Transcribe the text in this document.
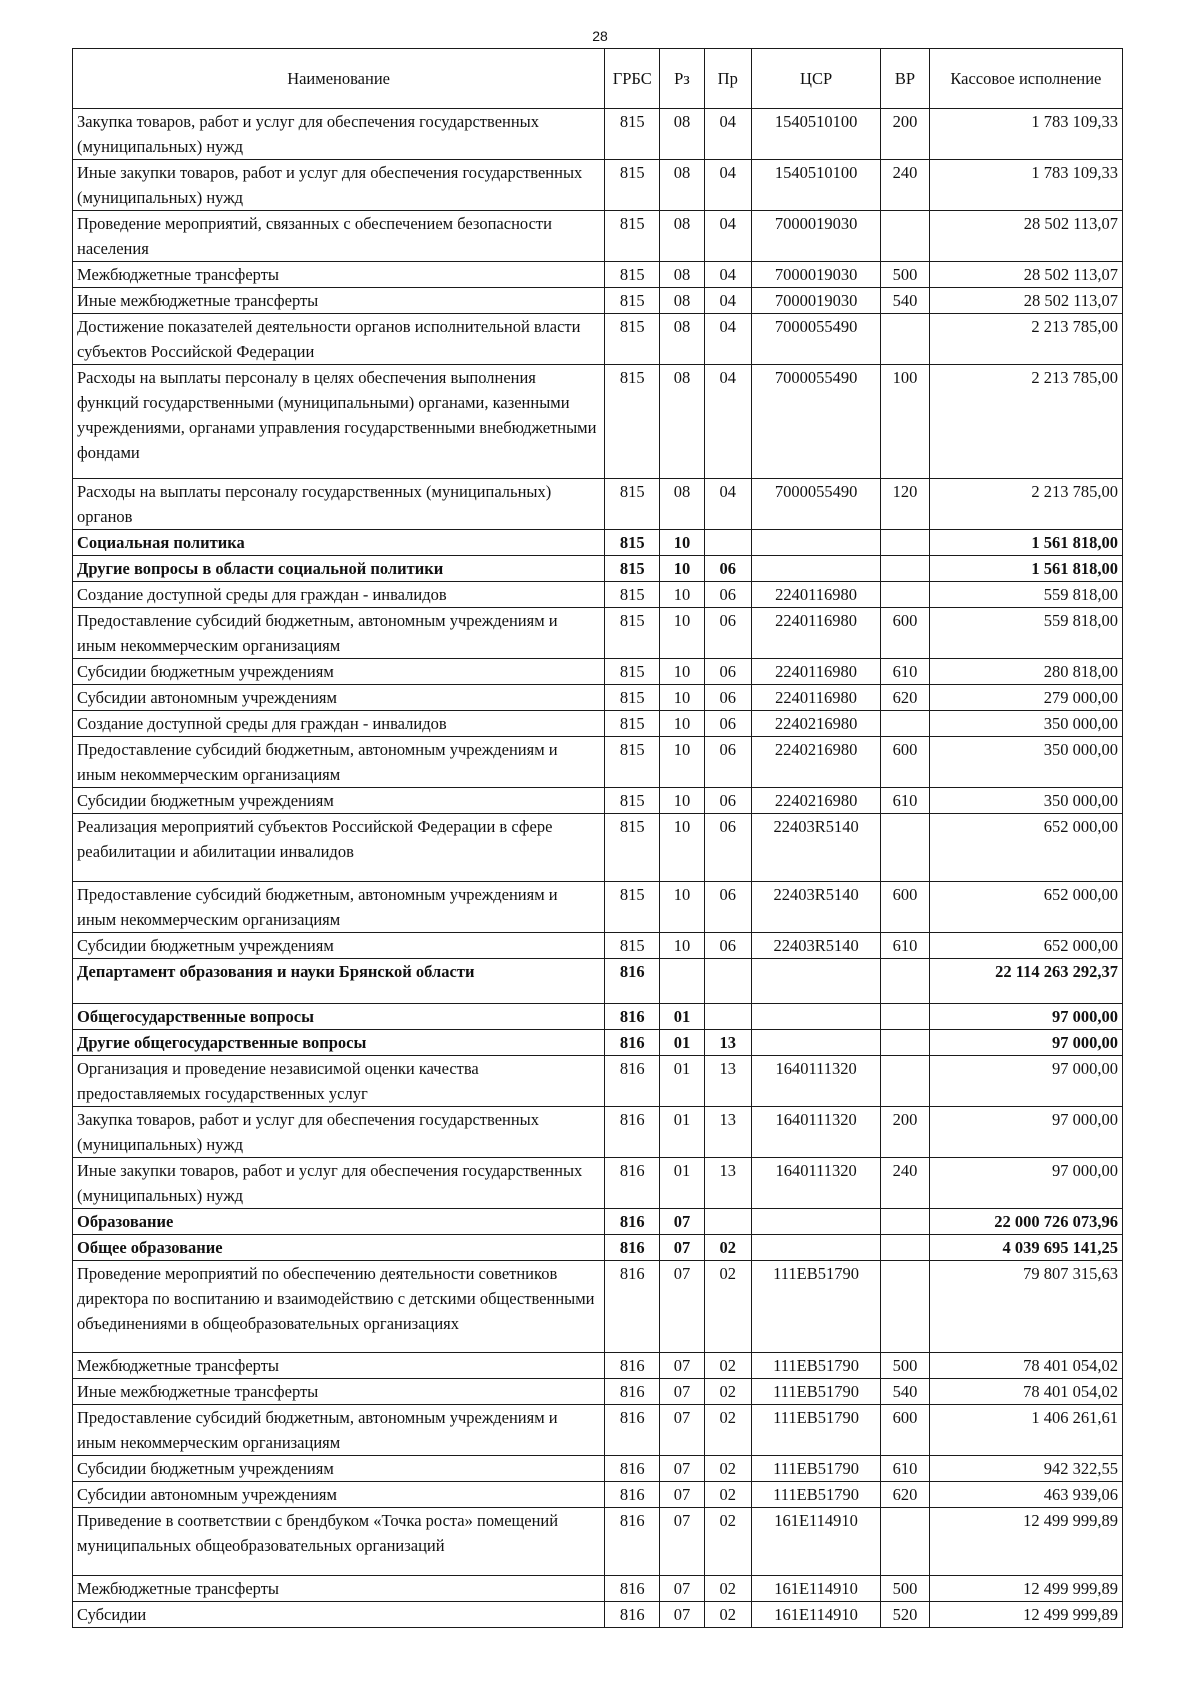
28
Наименование	ГРБС	Рз	Пр	ЦСР	ВР	Кассовое исполнение
Закупка товаров, работ и услуг для обеспечения государственных (муниципальных) нужд	815	08	04	1540510100	200	1 783 109,33
Иные закупки товаров, работ и услуг для обеспечения государственных (муниципальных) нужд	815	08	04	1540510100	240	1 783 109,33
Проведение мероприятий, связанных с обеспечением безопасности населения	815	08	04	7000019030		28 502 113,07
Межбюджетные трансферты	815	08	04	7000019030	500	28 502 113,07
Иные межбюджетные трансферты	815	08	04	7000019030	540	28 502 113,07
Достижение показателей деятельности органов исполнительной власти субъектов Российской Федерации	815	08	04	7000055490		2 213 785,00
Расходы на выплаты персоналу в целях обеспечения выполнения функций государственными (муниципальными) органами, казенными учреждениями, органами управления государственными внебюджетными фондами	815	08	04	7000055490	100	2 213 785,00
Расходы на выплаты персоналу государственных (муниципальных) органов	815	08	04	7000055490	120	2 213 785,00
Социальная политика	815	10				1 561 818,00
Другие вопросы в области социальной политики	815	10	06			1 561 818,00
Создание доступной среды для граждан - инвалидов	815	10	06	2240116980		559 818,00
Предоставление субсидий бюджетным, автономным учреждениям и иным некоммерческим организациям	815	10	06	2240116980	600	559 818,00
Субсидии бюджетным учреждениям	815	10	06	2240116980	610	280 818,00
Субсидии автономным учреждениям	815	10	06	2240116980	620	279 000,00
Создание доступной среды для граждан - инвалидов	815	10	06	2240216980		350 000,00
Предоставление субсидий бюджетным, автономным учреждениям и иным некоммерческим организациям	815	10	06	2240216980	600	350 000,00
Субсидии бюджетным учреждениям	815	10	06	2240216980	610	350 000,00
Реализация мероприятий субъектов Российской Федерации в сфере реабилитации и абилитации инвалидов	815	10	06	22403R5140		652 000,00
Предоставление субсидий бюджетным, автономным учреждениям и иным некоммерческим организациям	815	10	06	22403R5140	600	652 000,00
Субсидии бюджетным учреждениям	815	10	06	22403R5140	610	652 000,00
Департамент образования и науки Брянской области	816					22 114 263 292,37
Общегосударственные вопросы	816	01				97 000,00
Другие общегосударственные вопросы	816	01	13			97 000,00
Организация и проведение независимой оценки качества предоставляемых государственных услуг	816	01	13	1640111320		97 000,00
Закупка товаров, работ и услуг для обеспечения государственных (муниципальных) нужд	816	01	13	1640111320	200	97 000,00
Иные закупки товаров, работ и услуг для обеспечения государственных (муниципальных) нужд	816	01	13	1640111320	240	97 000,00
Образование	816	07				22 000 726 073,96
Общее образование	816	07	02			4 039 695 141,25
Проведение мероприятий по обеспечению деятельности советников директора по воспитанию и взаимодействию с детскими общественными объединениями в общеобразовательных организациях	816	07	02	111EB51790		79 807 315,63
Межбюджетные трансферты	816	07	02	111EB51790	500	78 401 054,02
Иные межбюджетные трансферты	816	07	02	111EB51790	540	78 401 054,02
Предоставление субсидий бюджетным, автономным учреждениям и иным некоммерческим организациям	816	07	02	111EB51790	600	1 406 261,61
Субсидии бюджетным учреждениям	816	07	02	111EB51790	610	942 322,55
Субсидии автономным учреждениям	816	07	02	111EB51790	620	463 939,06
Приведение в соответствии с брендбуком «Точка роста» помещений муниципальных общеобразовательных организаций	816	07	02	161E114910		12 499 999,89
Межбюджетные трансферты	816	07	02	161E114910	500	12 499 999,89
Субсидии	816	07	02	161E114910	520	12 499 999,89
